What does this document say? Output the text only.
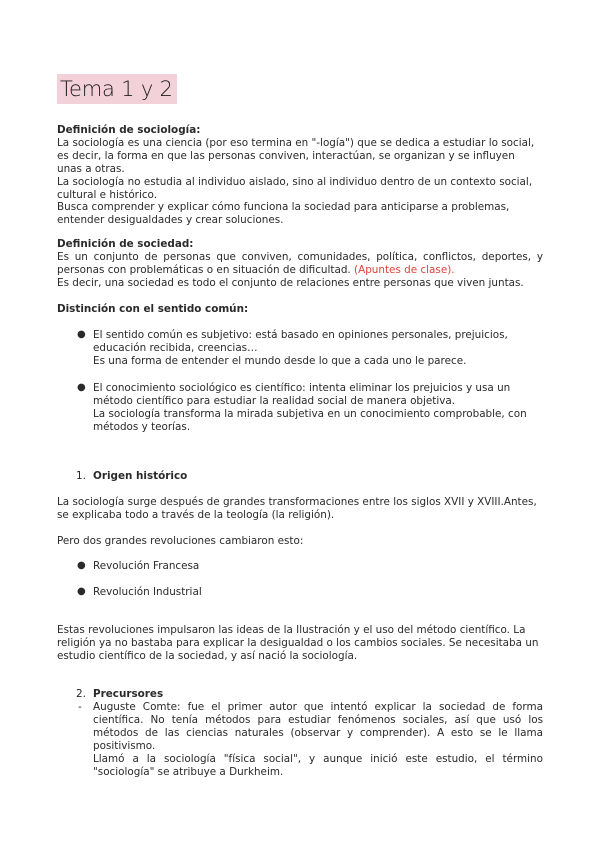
Tema 1 y 2

Definición de sociología:

La sociología es una ciencia (por eso termina en "-logía") que se dedica a estudiar lo social, es decir, la forma en que las personas conviven, interactúan, se organizan y se influyen unas a otras.

La sociología no estudia al individuo aislado, sino al individuo dentro de un contexto social, cultural e histórico.

Busca comprender y explicar cómo funciona la sociedad para anticiparse a problemas, entender desigualdades y crear soluciones.

Definición de sociedad:

Es un conjunto de personas que conviven, comunidades, política, conflictos, deportes, y personas con problemáticas o en situación de dificultad. (Apuntes de clase).

Es decir, una sociedad es todo el conjunto de relaciones entre personas que viven juntas.

Distinción con el sentido común:

● El sentido común es subjetivo: está basado en opiniones personales, prejuicios, educación recibida, creencias…

Es una forma de entender el mundo desde lo que a cada uno le parece.

● El conocimiento sociológico es científico: intenta eliminar los prejuicios y usa un método científico para estudiar la realidad social de manera objetiva.

La sociología transforma la mirada subjetiva en un conocimiento comprobable, con métodos y teorías.

1. Origen histórico

La sociología surge después de grandes transformaciones entre los siglos XVII y XVIII.Antes, se explicaba todo a través de la teología (la religión).

Pero dos grandes revoluciones cambiaron esto:

● Revolución Francesa

● Revolución Industrial

Estas revoluciones impulsaron las ideas de la Ilustración y el uso del método científico. La religión ya no bastaba para explicar la desigualdad o los cambios sociales. Se necesitaba un estudio científico de la sociedad, y así nació la sociología.

2. Precursores

- Auguste Comte: fue el primer autor que intentó explicar la sociedad de forma científica. No tenía métodos para estudiar fenómenos sociales, así que usó los métodos de las ciencias naturales (observar y comprender). A esto se le llama positivismo.

Llamó a la sociología "física social", y aunque inició este estudio, el término "sociología" se atribuye a Durkheim.
